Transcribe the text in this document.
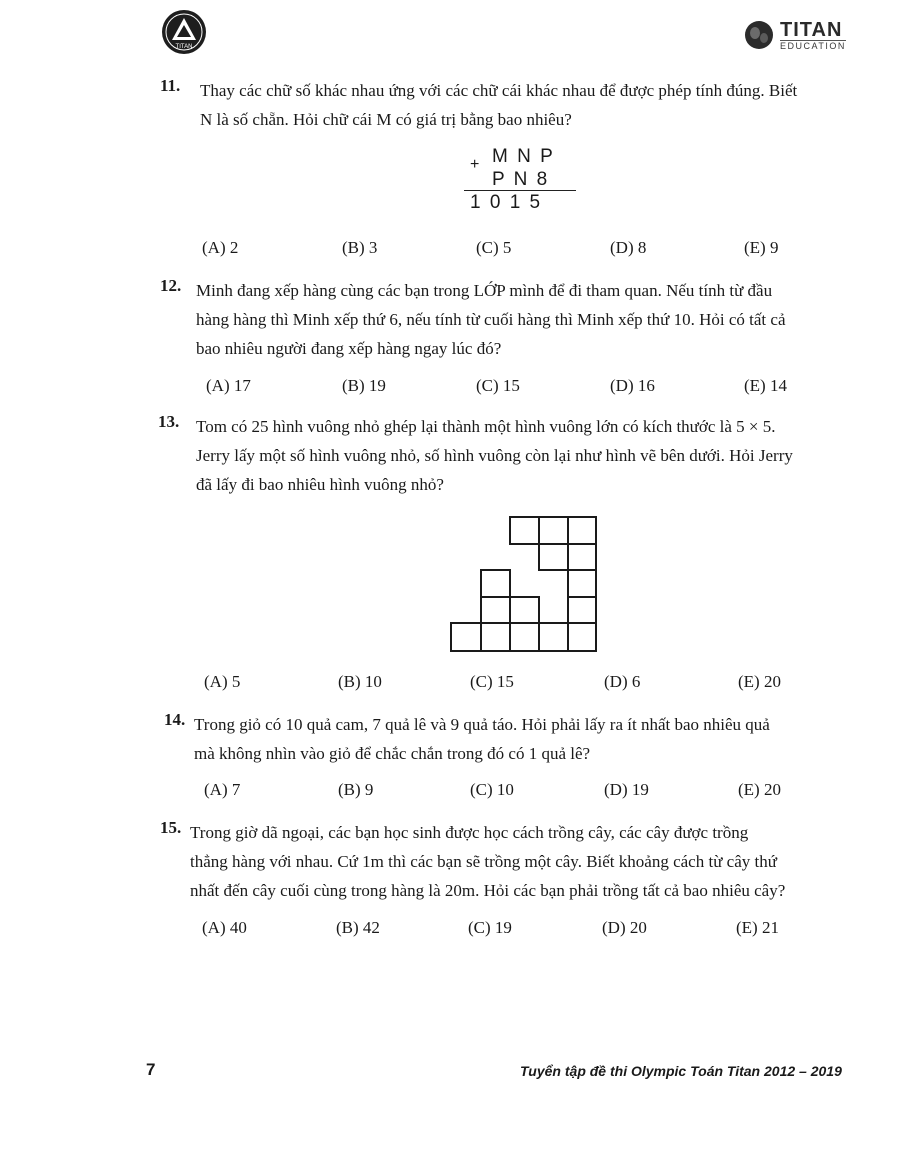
TITAN
TITAN
EDUCATION
11. Thay các chữ số khác nhau ứng với các chữ cái khác nhau để được phép tính đúng. Biết
N là số chẵn. Hỏi chữ cái M có giá trị bằng bao nhiêu?
+ M N P
P N 8
1 0 1 5
(A) 2	(B) 3	(C) 5	(D) 8	(E) 9
12. Minh đang xếp hàng cùng các bạn trong LỚP mình để đi tham quan. Nếu tính từ đầu
hàng hàng thì Minh xếp thứ 6, nếu tính từ cuối hàng thì Minh xếp thứ 10. Hỏi có tất cả
bao nhiêu người đang xếp hàng ngay lúc đó?
(A) 17	(B) 19	(C) 15	(D) 16	(E) 14
13. Tom có 25 hình vuông nhỏ ghép lại thành một hình vuông lớn có kích thước là 5 × 5.
Jerry lấy một số hình vuông nhỏ, số hình vuông còn lại như hình vẽ bên dưới. Hỏi Jerry
đã lấy đi bao nhiêu hình vuông nhỏ?
(A) 5	(B) 10	(C) 15	(D) 6	(E) 20
14. Trong giỏ có 10 quả cam, 7 quả lê và 9 quả táo. Hỏi phải lấy ra ít nhất bao nhiêu quả
mà không nhìn vào giỏ để chắc chắn trong đó có 1 quả lê?
(A) 7	(B) 9	(C) 10	(D) 19	(E) 20
15. Trong giờ dã ngoại, các bạn học sinh được học cách trồng cây, các cây được trồng
thẳng hàng với nhau. Cứ 1m thì các bạn sẽ trồng một cây. Biết khoảng cách từ cây thứ
nhất đến cây cuối cùng trong hàng là 20m. Hỏi các bạn phải trồng tất cả bao nhiêu cây?
(A) 40	(B) 42	(C) 19	(D) 20	(E) 21
7	Tuyển tập đề thi Olympic Toán Titan 2012 – 2019
